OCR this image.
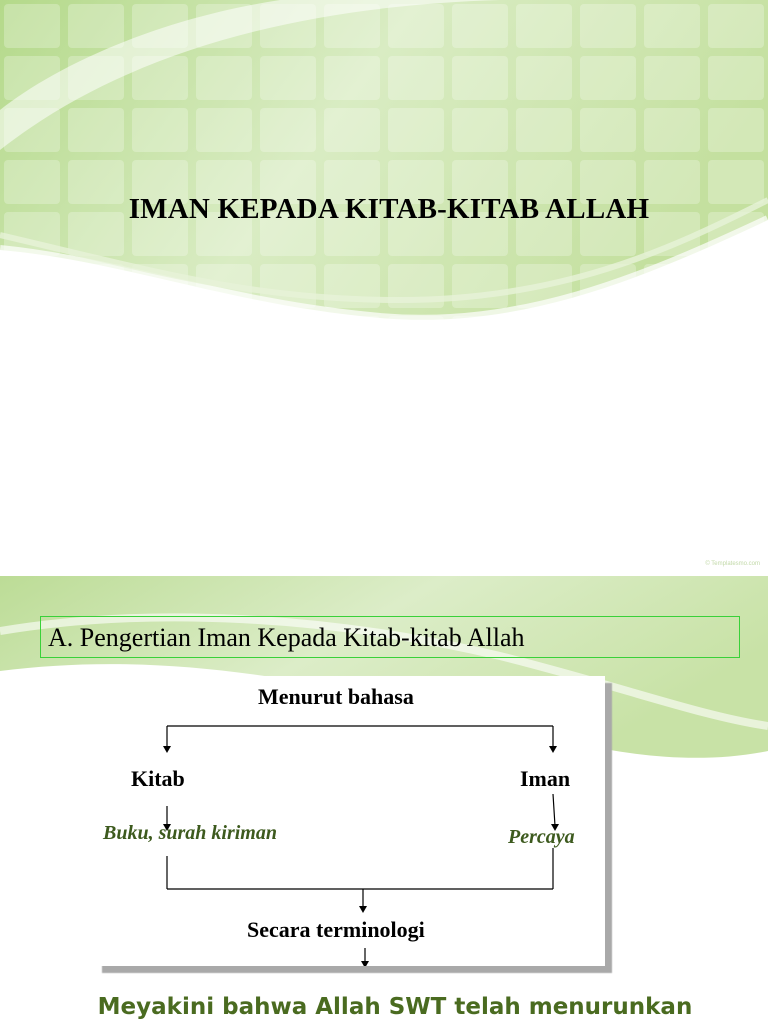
IMAN KEPADA KITAB-KITAB ALLAH
© Templatesmo.com
A. Pengertian Iman Kepada Kitab-kitab Allah
Menurut bahasa
Kitab	Iman
Buku, surah kiriman	Percaya
Secara terminologi
Meyakini bahwa Allah SWT telah menurunkan
